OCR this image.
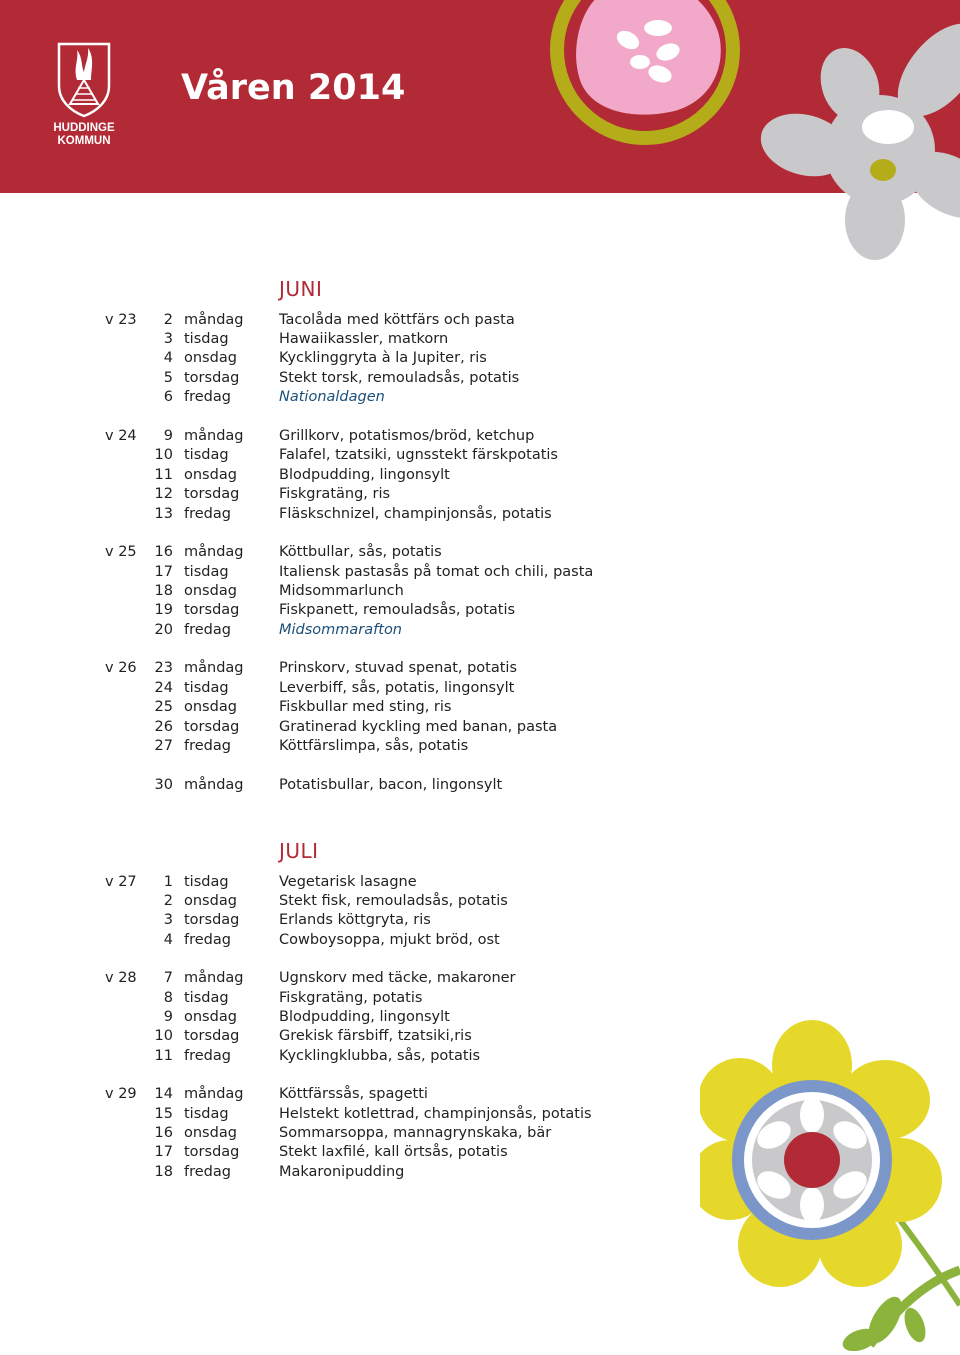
HUDDINGE
KOMMUN
Våren 2014
JUNI
v 23	2 måndag Tacolåda med köttfärs och pasta
3 tisdag	Hawaiikassler, matkorn
4 onsdag	Kycklinggryta à la Jupiter, ris
5 torsdag	Stekt torsk, remouladsås, potatis
6 fredag	Nationaldagen
v 24	9 måndag Grillkorv, potatismos/bröd, ketchup
10 tisdag	Falafel, tzatsiki, ugnsstekt färskpotatis
11 onsdag	Blodpudding, lingonsylt
12 torsdag	Fiskgratäng, ris
13 fredag	Fläskschnizel, champinjonsås, potatis
v 25	16 måndag Köttbullar, sås, potatis
17 tisdag	Italiensk pastasås på tomat och chili, pasta
18 onsdag	Midsommarlunch
19 torsdag	Fiskpanett, remouladsås, potatis
20 fredag	Midsommarafton
v 26	23 måndag Prinskorv, stuvad spenat, potatis
24 tisdag	Leverbiff, sås, potatis, lingonsylt
25 onsdag	Fiskbullar med sting, ris
26 torsdag	Gratinerad kyckling med banan, pasta
27 fredag	Köttfärslimpa, sås, potatis
30 måndag Potatisbullar, bacon, lingonsylt
JULI
v 27	1 tisdag	Vegetarisk lasagne
2 onsdag	Stekt fisk, remouladsås, potatis
3 torsdag	Erlands köttgryta, ris
4 fredag	Cowboysoppa, mjukt bröd, ost
v 28	7 måndag Ugnskorv med täcke, makaroner
8 tisdag	Fiskgratäng, potatis
9 onsdag	Blodpudding, lingonsylt
10 torsdag	Grekisk färsbiff, tzatsiki,ris
11 fredag	Kycklingklubba, sås, potatis
v 29	14 måndag Köttfärssås, spagetti
15 tisdag	Helstekt kotlettrad, champinjonsås, potatis
16 onsdag	Sommarsoppa, mannagrynskaka, bär
17 torsdag	Stekt laxfilé, kall örtsås, potatis
18 fredag	Makaronipudding
